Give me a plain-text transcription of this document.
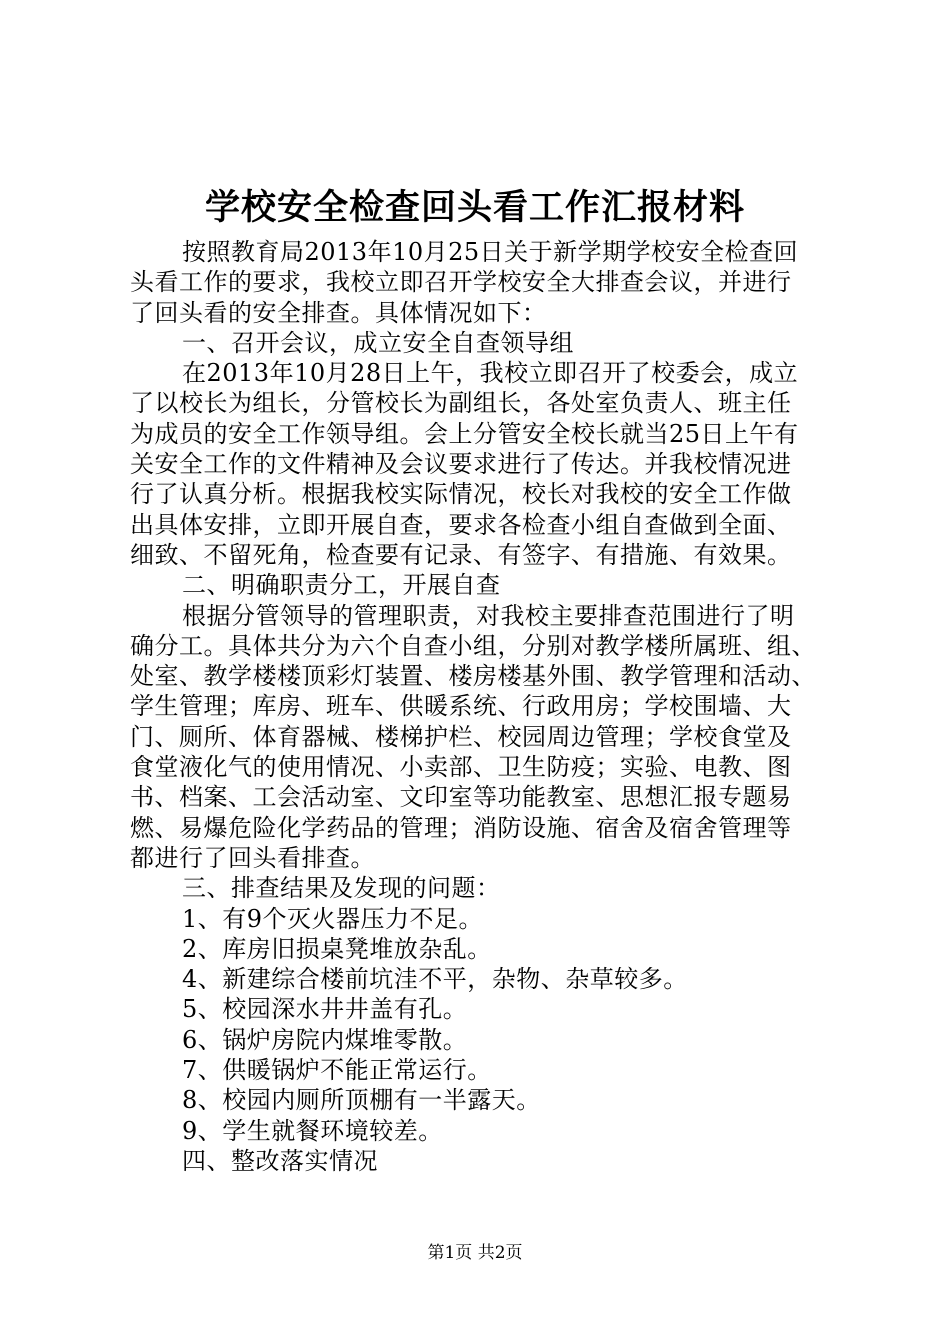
学校安全检查回头看工作汇报材料
按照教育局2013年10月25日关于新学期学校安全检查回
头看工作的要求，我校立即召开学校安全大排查会议，并进行
了回头看的安全排查。具体情况如下：
一、召开会议，成立安全自查领导组
在2013年10月28日上午，我校立即召开了校委会，成立
了以校长为组长，分管校长为副组长，各处室负责人、班主任
为成员的安全工作领导组。会上分管安全校长就当25日上午有
关安全工作的文件精神及会议要求进行了传达。并我校情况进
行了认真分析。根据我校实际情况，校长对我校的安全工作做
出具体安排，立即开展自查，要求各检查小组自查做到全面、
细致、不留死角，检查要有记录、有签字、有措施、有效果。
二、明确职责分工，开展自查
根据分管领导的管理职责，对我校主要排查范围进行了明
确分工。具体共分为六个自查小组，分别对教学楼所属班、组、
处室、教学楼楼顶彩灯装置、楼房楼基外围、教学管理和活动、
学生管理；库房、班车、供暖系统、行政用房；学校围墙、大
门、厕所、体育器械、楼梯护栏、校园周边管理；学校食堂及
食堂液化气的使用情况、小卖部、卫生防疫；实验、电教、图
书、档案、工会活动室、文印室等功能教室、思想汇报专题易
燃、易爆危险化学药品的管理；消防设施、宿舍及宿舍管理等
都进行了回头看排查。
三、排查结果及发现的问题：
1、有9个灭火器压力不足。
2、库房旧损桌凳堆放杂乱。
4、新建综合楼前坑洼不平，杂物、杂草较多。
5、校园深水井井盖有孔。
6、锅炉房院内煤堆零散。
7、供暖锅炉不能正常运行。
8、校园内厕所顶棚有一半露天。
9、学生就餐环境较差。
四、整改落实情况
第1页 共2页
